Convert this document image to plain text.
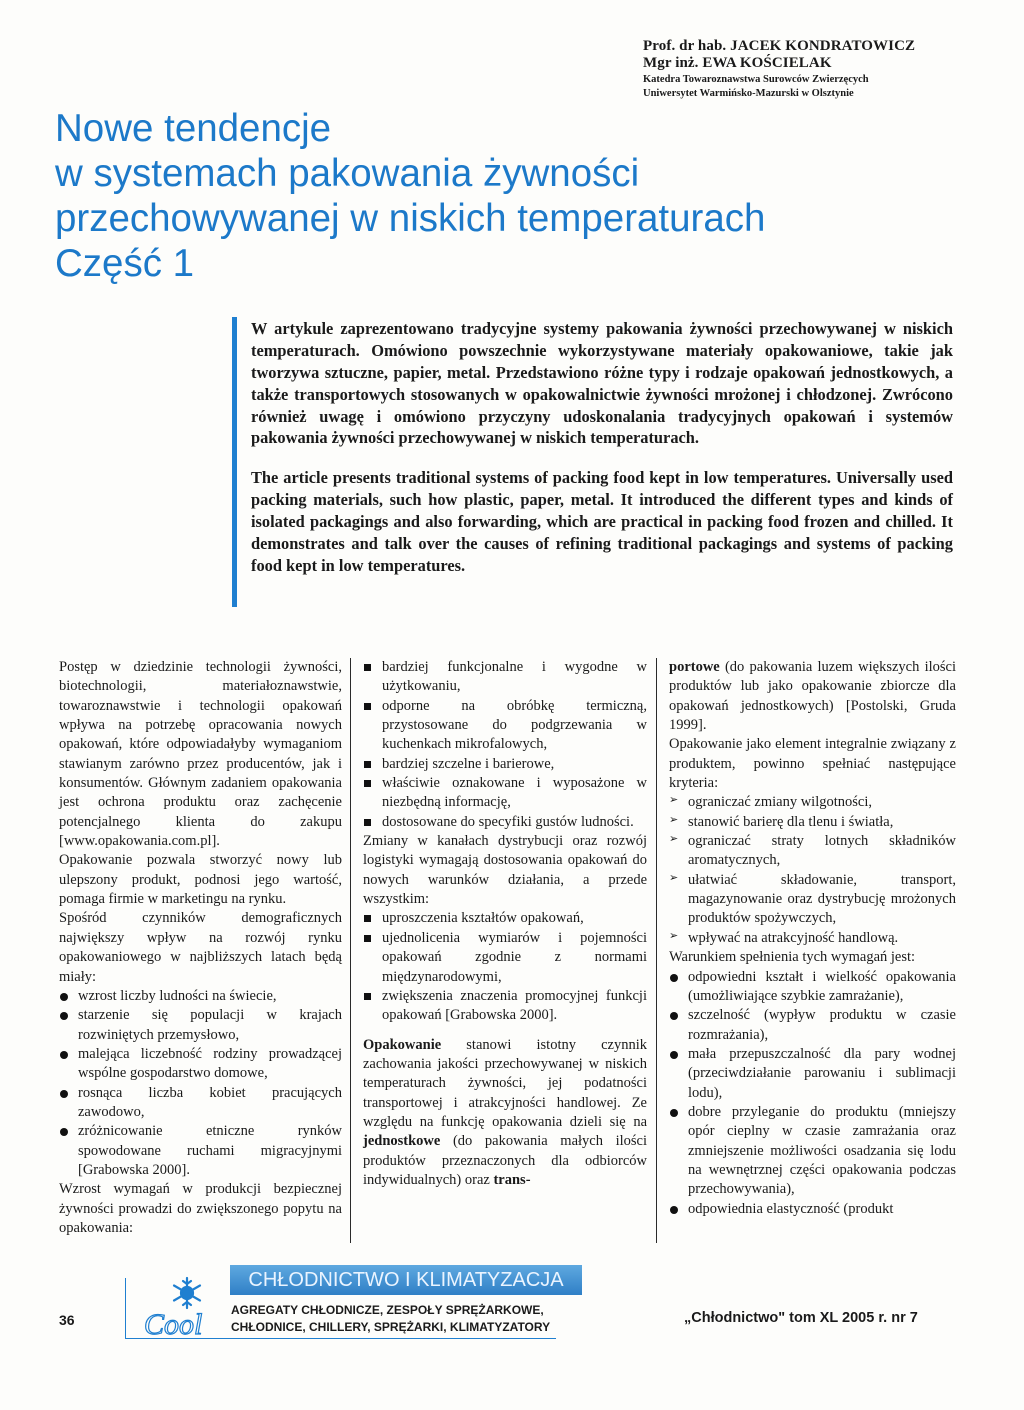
Prof. dr hab. JACEK KONDRATOWICZ
Mgr inż. EWA KOŚCIELAK
Katedra Towaroznawstwa Surowców Zwierzęcych
Uniwersytet Warmińsko-Mazurski w Olsztynie
Nowe tendencje
w systemach pakowania żywności
przechowywanej w niskich temperaturach
Część 1

W artykule zaprezentowano tradycyjne systemy pakowania żywności przechowywanej w niskich temperaturach. Omówiono powszechnie wykorzystywane materiały opakowaniowe, takie jak tworzywa sztuczne, papier, metal. Przedstawiono różne typy i rodzaje opakowań jednostkowych, a także transportowych stosowanych w opakowalnictwie żywności mrożonej i chłodzonej. Zwrócono również uwagę i omówiono przyczyny udoskonalania tradycyjnych opakowań i systemów pakowania żywności przechowywanej w niskich temperaturach.

The article presents traditional systems of packing food kept in low temperatures. Universally used packing materials, such how plastic, paper, metal. It introduced the different types and kinds of isolated packagings and also forwarding, which are practical in packing food frozen and chilled. It demonstrates and talk over the causes of refining traditional packagings and systems of packing food kept in low temperatures.

Postęp w dziedzinie technologii żywności, biotechnologii, materiałoznawstwie, towaroznawstwie i technologii opakowań wpływa na potrzebę opracowania nowych opakowań, które odpowiadałyby wymaganiom stawianym zarówno przez producentów, jak i konsumentów. Głównym zadaniem opakowania jest ochrona produktu oraz zachęcenie potencjalnego klienta do zakupu [www.opakowania.com.pl].

Opakowanie pozwala stworzyć nowy lub ulepszony produkt, podnosi jego wartość, pomaga firmie w marketingu na rynku.

Spośród czynników demograficznych największy wpływ na rozwój rynku opakowaniowego w najbliższych latach będą miały:

wzrost liczby ludności na świecie,
starzenie się populacji w krajach rozwiniętych przemysłowo,
malejąca liczebność rodziny prowadzącej wspólne gospodarstwo domowe,
rosnąca liczba kobiet pracujących zawodowo,
zróżnicowanie etniczne rynków spowodowane ruchami migracyjnymi [Grabowska 2000].

Wzrost wymagań w produkcji bezpiecznej żywności prowadzi do zwiększonego popytu na opakowania:

bardziej funkcjonalne i wygodne w użytkowaniu,
odporne na obróbkę termiczną, przystosowane do podgrzewania w kuchenkach mikrofalowych,
bardziej szczelne i barierowe,
właściwie oznakowane i wyposażone w niezbędną informację,
dostosowane do specyfiki gustów ludności.

Zmiany w kanałach dystrybucji oraz rozwój logistyki wymagają dostosowania opakowań do nowych warunków działania, a przede wszystkim:

uproszczenia kształtów opakowań,
ujednolicenia wymiarów i pojemności opakowań zgodnie z normami międzynarodowymi,
zwiększenia znaczenia promocyjnej funkcji opakowań [Grabowska 2000].

Opakowanie stanowi istotny czynnik zachowania jakości przechowywanej w niskich temperaturach żywności, jej podatności transportowej i atrakcyjności handlowej. Ze względu na funkcję opakowania dzieli się na jednostkowe (do pakowania małych ilości produktów przeznaczonych dla odbiorców indywidualnych) oraz trans-

portowe (do pakowania luzem większych ilości produktów lub jako opakowanie zbiorcze dla opakowań jednostkowych) [Postolski, Gruda 1999].

Opakowanie jako element integralnie związany z produktem, powinno spełniać następujące kryteria:

➢ ograniczać zmiany wilgotności,
➢ stanowić barierę dla tlenu i światła,
➢ ograniczać straty lotnych składników aromatycznych,
➢ ułatwiać składowanie, transport, magazynowanie oraz dystrybucję mrożonych produktów spożywczych,
➢ wpływać na atrakcyjność handlową.

Warunkiem spełnienia tych wymagań jest:

odpowiedni kształt i wielkość opakowania (umożliwiające szybkie zamrażanie),
szczelność (wypływ produktu w czasie rozmrażania),
mała przepuszczalność dla pary wodnej (przeciwdziałanie parowaniu i sublimacji lodu),
dobre przyleganie do produktu (mniejszy opór cieplny w czasie zamrażania oraz zmniejszenie możliwości osadzania się lodu na wewnętrznej części opakowania podczas przechowywania),
odpowiednia elastyczność (produkt
36 Cool
CHŁODNICTWO I KLIMATYZACJA
AGREGATY CHŁODNICZE, ZESPOŁY SPRĘŻARKOWE,
CHŁODNICE, CHILLERY, SPRĘŻARKI, KLIMATYZATORY
„Chłodnictwo" tom XL 2005 r. nr 7
